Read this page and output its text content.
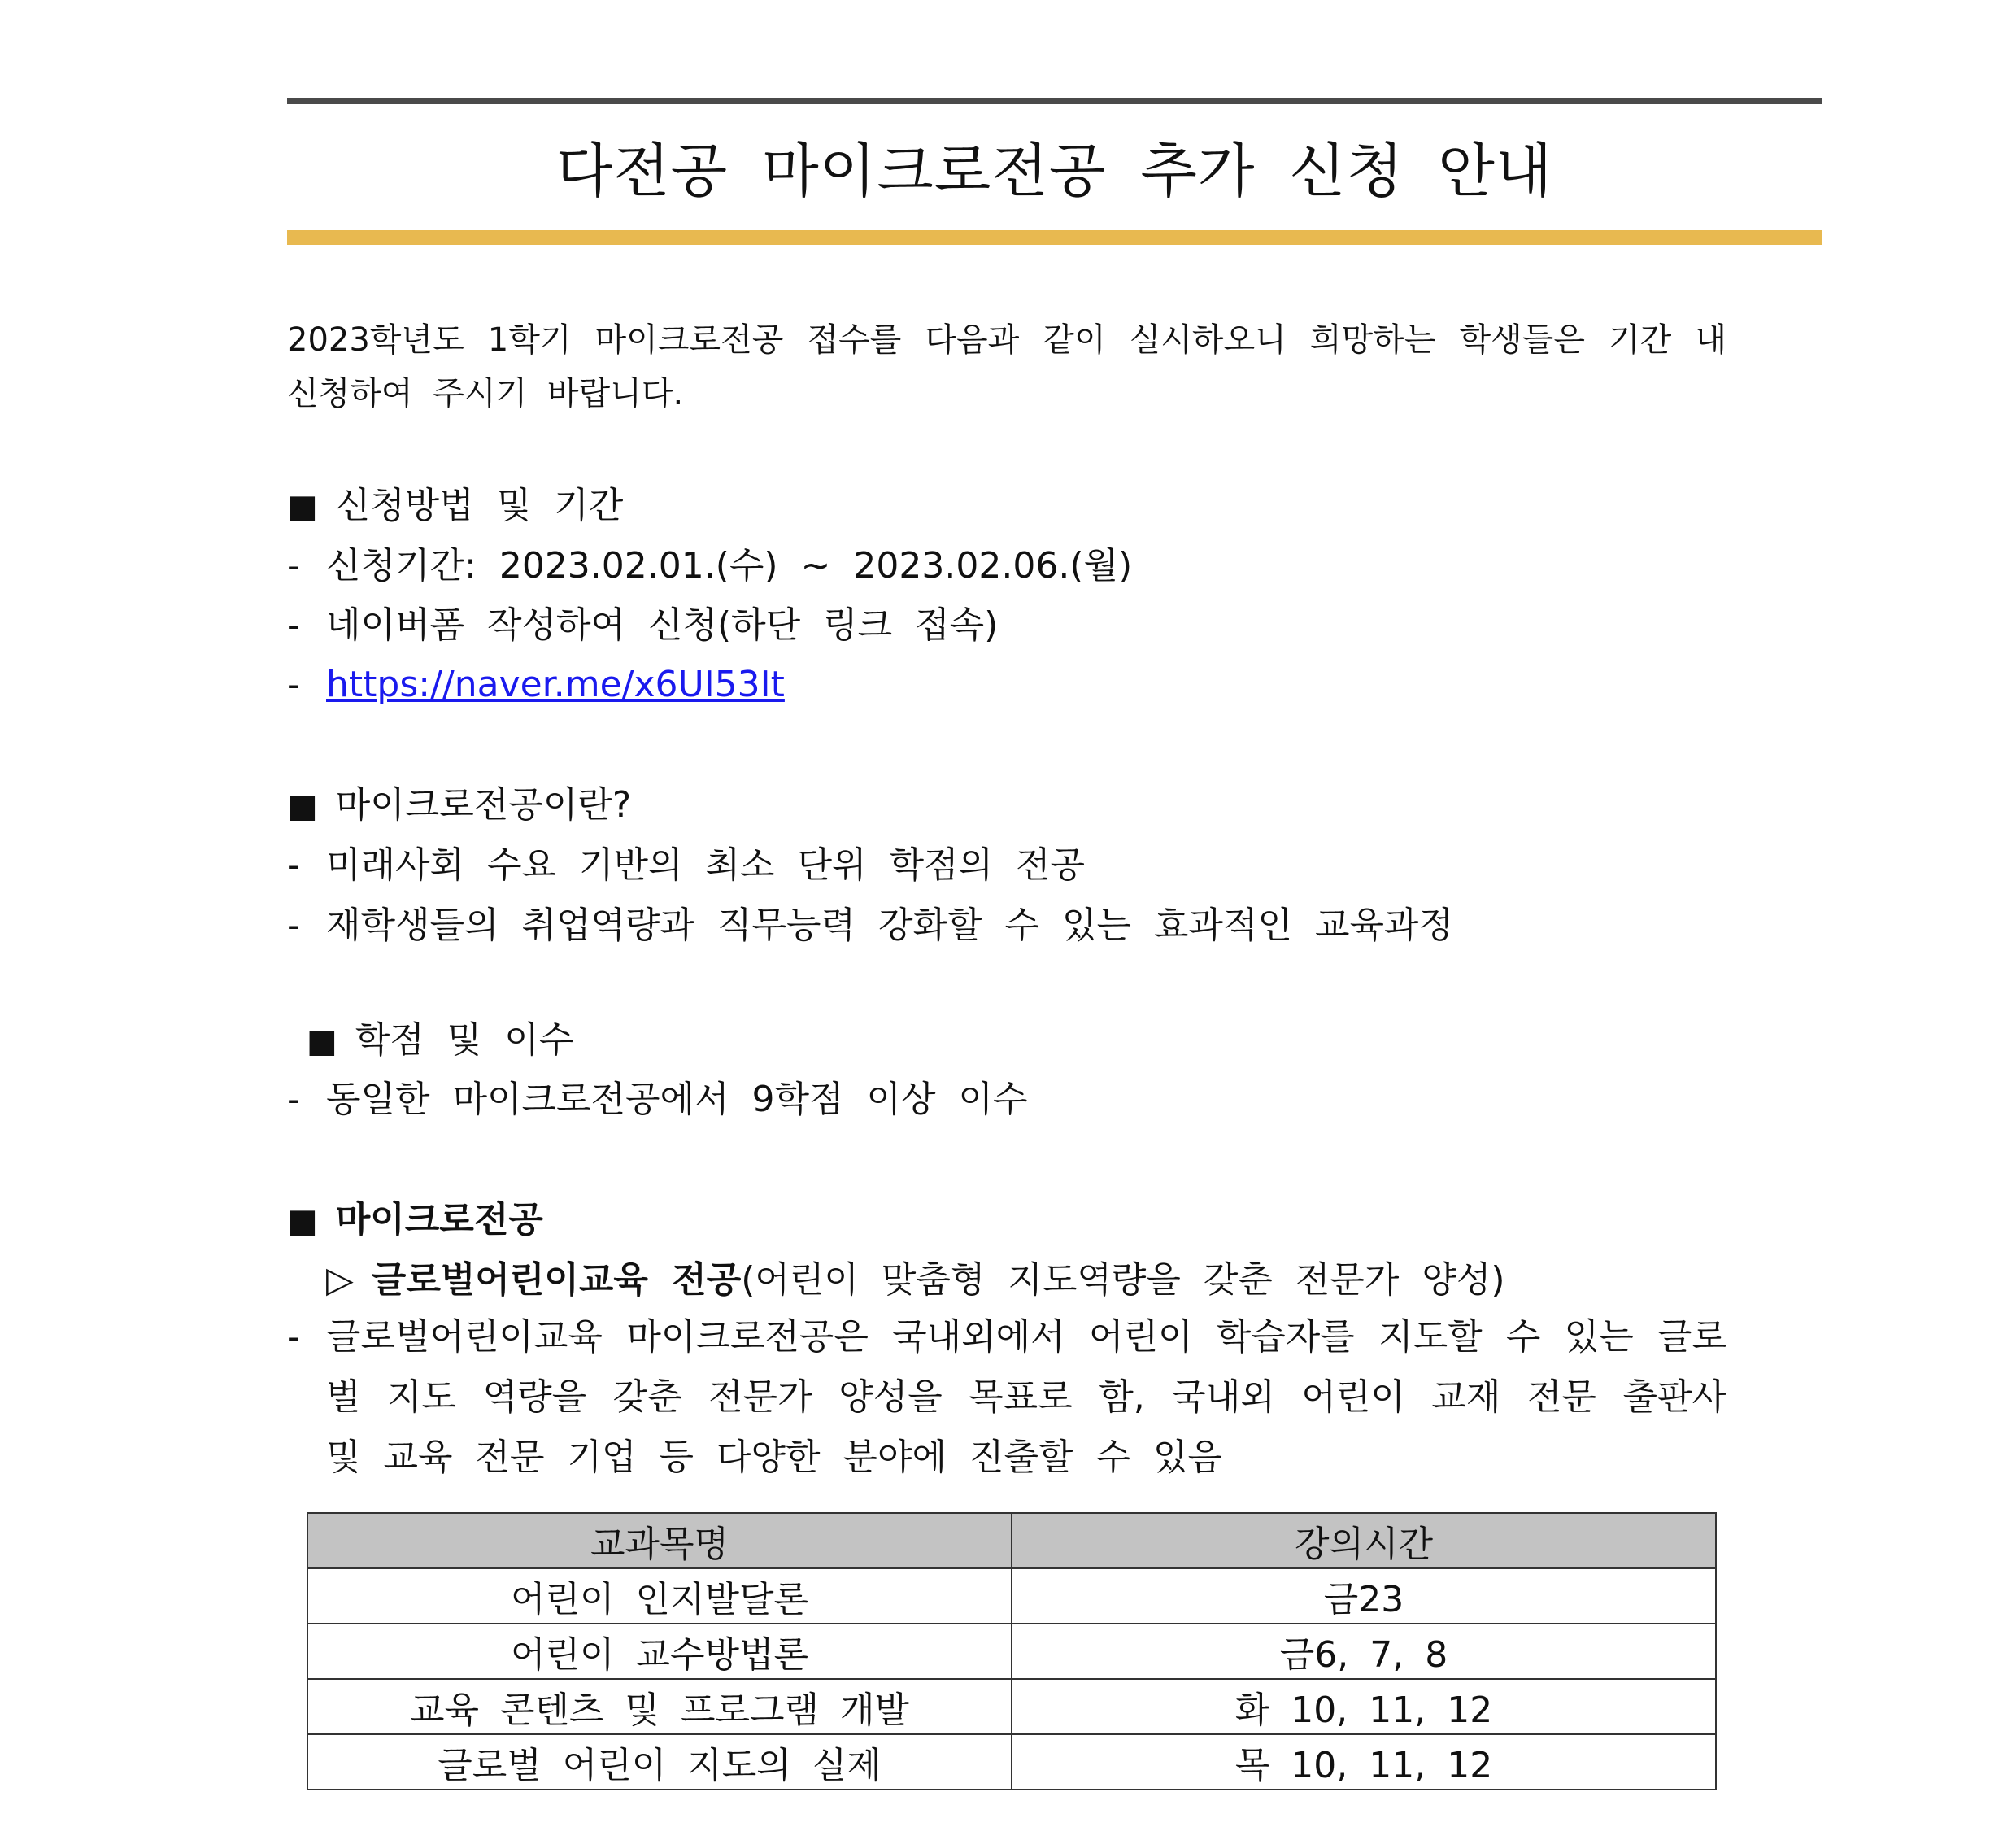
다전공 마이크로전공 추가 신청 안내
2023학년도 1학기 마이크로전공 접수를 다음과 같이 실시하오니 희망하는 학생들은 기간 내 신청하여 주시기 바랍니다.
■ 신청방법 및 기간
- 신청기간: 2023.02.01.(수) ~ 2023.02.06.(월)
- 네이버폼 작성하여 신청(하단 링크 접속)
- https://naver.me/x6UI53It
■ 마이크로전공이란?
- 미래사회 수요 기반의 최소 단위 학점의 전공
- 재학생들의 취업역량과 직무능력 강화할 수 있는 효과적인 교육과정
■ 학점 및 이수
- 동일한 마이크로전공에서 9학점 이상 이수
■ 마이크로전공
▷ 글로벌어린이교육 전공(어린이 맞춤형 지도역량을 갖춘 전문가 양성)
- 글로벌어린이교육 마이크로전공은 국내외에서 어린이 학습자를 지도할 수 있는 글로벌 지도 역량을 갖춘 전문가 양성을 목표로 함, 국내외 어린이 교재 전문 출판사 및 교육 전문 기업 등 다양한 분야에 진출할 수 있음
교과목명	강의시간
어린이 인지발달론	금23
어린이 교수방법론	금6, 7, 8
교육 콘텐츠 및 프로그램 개발	화 10, 11, 12
글로벌 어린이 지도의 실제	목 10, 11, 12
